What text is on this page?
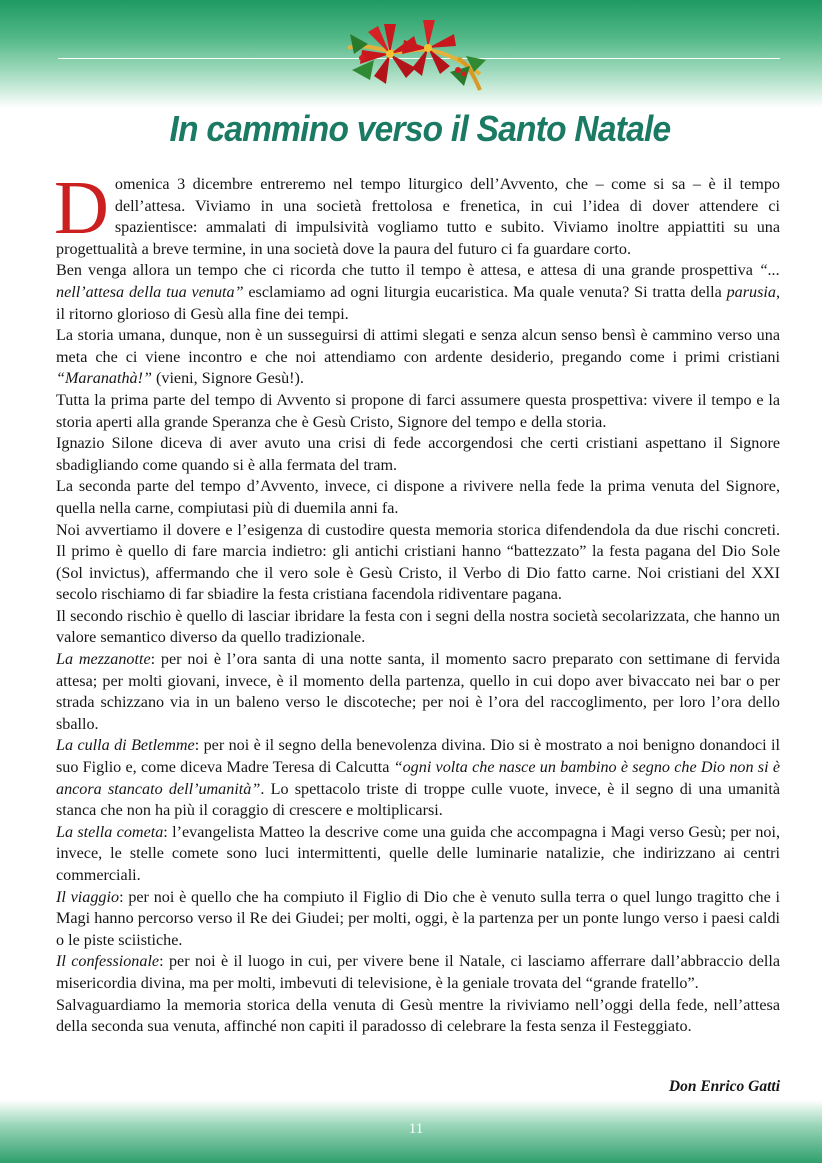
In cammino verso il Santo Natale

Domenica 3 dicembre entreremo nel tempo liturgico dell’Avvento, che – come si sa – è il tempo dell’attesa. Viviamo in una società frettolosa e frenetica, in cui l’idea di dover attendere ci spazientisce: ammalati di impulsività vogliamo tutto e subito. Viviamo inoltre appiattiti su una progettualità a breve termine, in una società dove la paura del futuro ci fa guardare corto.

Ben venga allora un tempo che ci ricorda che tutto il tempo è attesa, e attesa di una grande prospettiva “... nell’attesa della tua venuta” esclamiamo ad ogni liturgia eucaristica. Ma quale venuta? Si tratta della parusia, il ritorno glorioso di Gesù alla fine dei tempi.

La storia umana, dunque, non è un susseguirsi di attimi slegati e senza alcun senso bensì è cammino verso una meta che ci viene incontro e che noi attendiamo con ardente desiderio, pregando come i primi cristiani “Maranathà!” (vieni, Signore Gesù!).

Tutta la prima parte del tempo di Avvento si propone di farci assumere questa prospettiva: vivere il tempo e la storia aperti alla grande Speranza che è Gesù Cristo, Signore del tempo e della storia.

Ignazio Silone diceva di aver avuto una crisi di fede accorgendosi che certi cristiani aspettano il Signore sbadigliando come quando si è alla fermata del tram.

La seconda parte del tempo d’Avvento, invece, ci dispone a rivivere nella fede la prima venuta del Signore, quella nella carne, compiutasi più di duemila anni fa.

Noi avvertiamo il dovere e l’esigenza di custodire questa memoria storica difendendola da due rischi concreti. Il primo è quello di fare marcia indietro: gli antichi cristiani hanno “battezzato” la festa pagana del Dio Sole (Sol invictus), affermando che il vero sole è Gesù Cristo, il Verbo di Dio fatto carne. Noi cristiani del XXI secolo rischiamo di far sbiadire la festa cristiana facendola ridiventare pagana.

Il secondo rischio è quello di lasciar ibridare la festa con i segni della nostra società secolarizzata, che hanno un valore semantico diverso da quello tradizionale.

La mezzanotte: per noi è l’ora santa di una notte santa, il momento sacro preparato con settimane di fervida attesa; per molti giovani, invece, è il momento della partenza, quello in cui dopo aver bivaccato nei bar o per strada schizzano via in un baleno verso le discoteche; per noi è l’ora del raccoglimento, per loro l’ora dello sballo.

La culla di Betlemme: per noi è il segno della benevolenza divina. Dio si è mostrato a noi benigno donandoci il suo Figlio e, come diceva Madre Teresa di Calcutta “ogni volta che nasce un bambino è segno che Dio non si è ancora stancato dell’umanità”. Lo spettacolo triste di troppe culle vuote, invece, è il segno di una umanità stanca che non ha più il coraggio di crescere e moltiplicarsi.

La stella cometa: l’evangelista Matteo la descrive come una guida che accompagna i Magi verso Gesù; per noi, invece, le stelle comete sono luci intermittenti, quelle delle luminarie natalizie, che indirizzano ai centri commerciali.

Il viaggio: per noi è quello che ha compiuto il Figlio di Dio che è venuto sulla terra o quel lungo tragitto che i Magi hanno percorso verso il Re dei Giudei; per molti, oggi, è la partenza per un ponte lungo verso i paesi caldi o le piste sciistiche.

Il confessionale: per noi è il luogo in cui, per vivere bene il Natale, ci lasciamo afferrare dall’abbraccio della misericordia divina, ma per molti, imbevuti di televisione, è la geniale trovata del “grande fratello”.

Salvaguardiamo la memoria storica della venuta di Gesù mentre la riviviamo nell’oggi della fede, nell’attesa della seconda sua venuta, affinché non capiti il paradosso di celebrare la festa senza il Festeggiato.

Don Enrico Gatti
11
